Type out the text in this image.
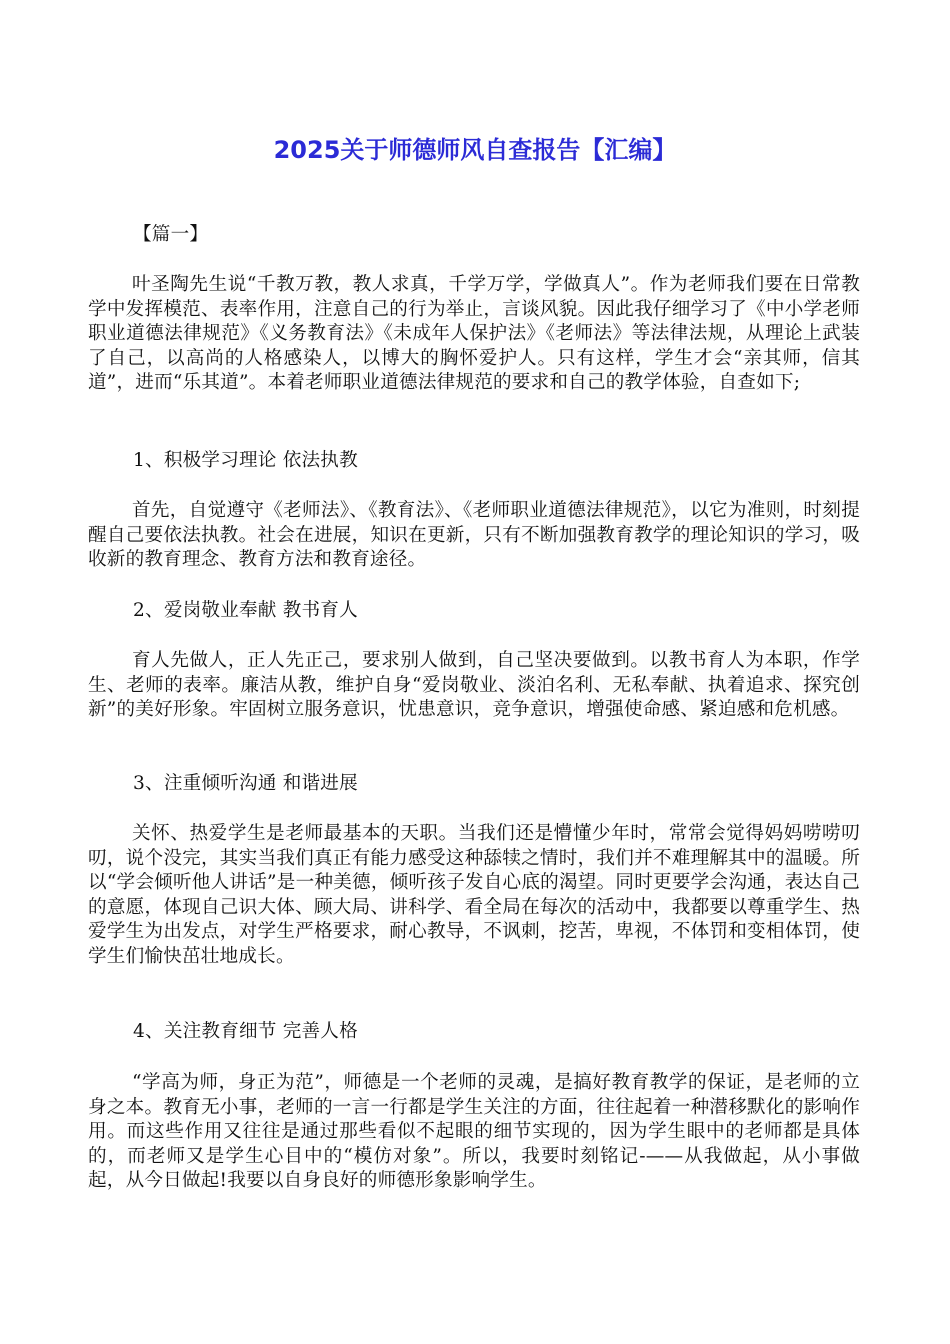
2025关于师德师风自查报告【汇编】

【篇一】

叶圣陶先生说“千教万教，教人求真，千学万学，学做真人”。作为老师我们要在日常教学中发挥模范、表率作用，注意自己的行为举止，言谈风貌。因此我仔细学习了《中小学老师职业道德法律规范》《义务教育法》《未成年人保护法》《老师法》等法律法规，从理论上武装了自己，以高尚的人格感染人，以博大的胸怀爱护人。只有这样，学生才会“亲其师，信其道”，进而“乐其道”。本着老师职业道德法律规范的要求和自己的教学体验，自查如下;

1、积极学习理论 依法执教

首先，自觉遵守《老师法》、《教育法》、《老师职业道德法律规范》，以它为准则，时刻提醒自己要依法执教。社会在进展，知识在更新，只有不断加强教育教学的理论知识的学习，吸收新的教育理念、教育方法和教育途径。

2、爱岗敬业奉献 教书育人

育人先做人，正人先正己，要求别人做到，自己坚决要做到。以教书育人为本职，作学生、老师的表率。廉洁从教，维护自身“爱岗敬业、淡泊名利、无私奉献、执着追求、探究创新”的美好形象。牢固树立服务意识，忧患意识，竞争意识，增强使命感、紧迫感和危机感。

3、注重倾听沟通 和谐进展

关怀、热爱学生是老师最基本的天职。当我们还是懵懂少年时，常常会觉得妈妈唠唠叨叨，说个没完，其实当我们真正有能力感受这种舔犊之情时，我们并不难理解其中的温暖。所以“学会倾听他人讲话”是一种美德，倾听孩子发自心底的渴望。同时更要学会沟通，表达自己的意愿，体现自己识大体、顾大局、讲科学、看全局在每次的活动中，我都要以尊重学生、热爱学生为出发点，对学生严格要求，耐心教导，不讽刺，挖苦，卑视，不体罚和变相体罚，使学生们愉快茁壮地成长。

4、关注教育细节 完善人格

“学高为师，身正为范”，师德是一个老师的灵魂，是搞好教育教学的保证，是老师的立身之本。教育无小事，老师的一言一行都是学生关注的方面，往往起着一种潜移默化的影响作用。而这些作用又往往是通过那些看似不起眼的细节实现的，因为学生眼中的老师都是具体的，而老师又是学生心目中的“模仿对象”。所以，我要时刻铭记-——从我做起，从小事做起，从今日做起!我要以自身良好的师德形象影响学生。
